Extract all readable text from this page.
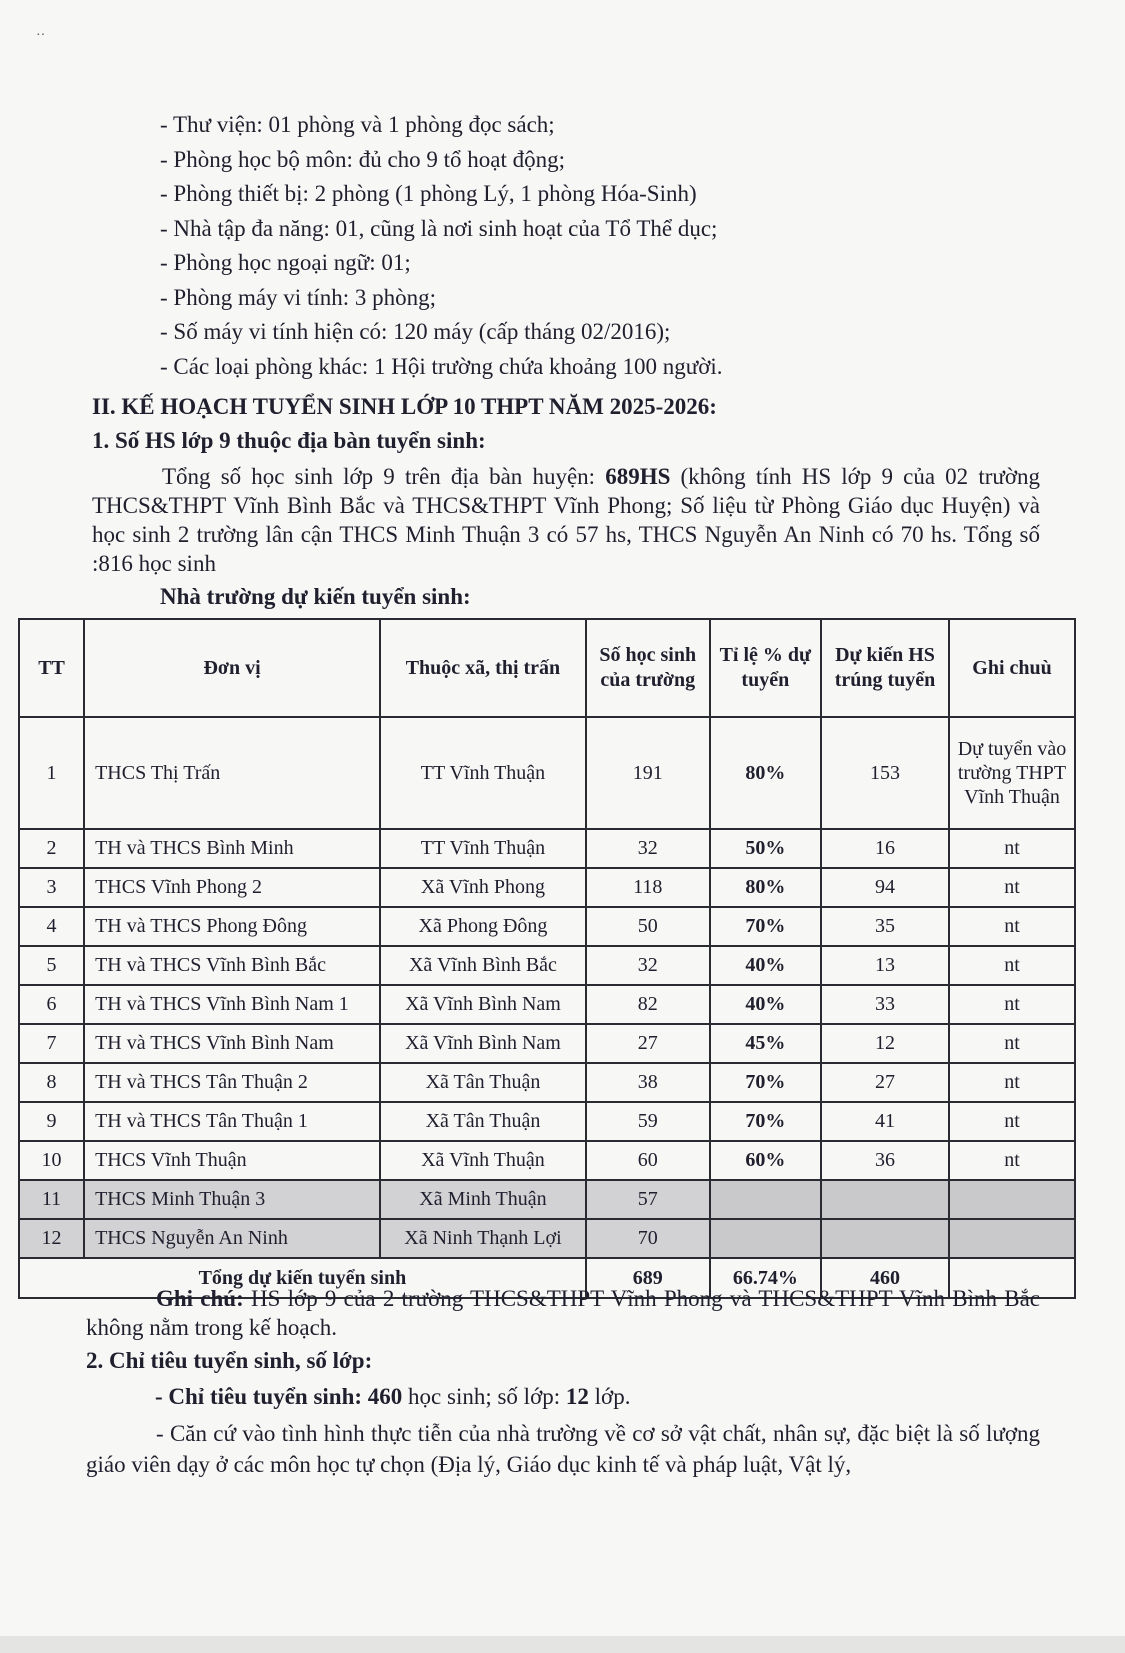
··
- Thư viện: 01 phòng và 1 phòng đọc sách;
- Phòng học bộ môn: đủ cho 9 tổ hoạt động;
- Phòng thiết bị: 2 phòng (1 phòng Lý, 1 phòng Hóa-Sinh)
- Nhà tập đa năng: 01, cũng là nơi sinh hoạt của Tổ Thể dục;
- Phòng học ngoại ngữ: 01;
- Phòng máy vi tính: 3 phòng;
- Số máy vi tính hiện có: 120 máy (cấp tháng 02/2016);
- Các loại phòng khác: 1 Hội trường chứa khoảng 100 người.
II. KẾ HOẠCH TUYỂN SINH LỚP 10 THPT NĂM 2025-2026:
1. Số HS lớp 9 thuộc địa bàn tuyển sinh:
Tổng số học sinh lớp 9 trên địa bàn huyện: 689HS (không tính HS lớp 9 của 02 trường THCS&THPT Vĩnh Bình Bắc và THCS&THPT Vĩnh Phong; Số liệu từ Phòng Giáo dục Huyện) và học sinh 2 trường lân cận THCS Minh Thuận 3 có 57 hs, THCS Nguyễn An Ninh có 70 hs. Tổng số :816 học sinh
Nhà trường dự kiến tuyển sinh:
TT	Đơn vị	Thuộc xã, thị trấn	Số học sinh của trường	Tỉ lệ % dự tuyển	Dự kiến HS trúng tuyển	Ghi chuù
1	THCS Thị Trấn	TT Vĩnh Thuận	191	80%	153	Dự tuyển vào trường THPT Vĩnh Thuận
2	TH và THCS Bình Minh	TT Vĩnh Thuận	32	50%	16	nt
3	THCS Vĩnh Phong 2	Xã Vĩnh Phong	118	80%	94	nt
4	TH và THCS Phong Đông	Xã Phong Đông	50	70%	35	nt
5	TH và THCS Vĩnh Bình Bắc	Xã Vĩnh Bình Bắc	32	40%	13	nt
6	TH và THCS Vĩnh Bình Nam 1	Xã Vĩnh Bình Nam	82	40%	33	nt
7	TH và THCS Vĩnh Bình Nam	Xã Vĩnh Bình Nam	27	45%	12	nt
8	TH và THCS Tân Thuận 2	Xã Tân Thuận	38	70%	27	nt
9	TH và THCS Tân Thuận 1	Xã Tân Thuận	59	70%	41	nt
10	THCS Vĩnh Thuận	Xã Vĩnh Thuận	60	60%	36	nt
11	THCS Minh Thuận 3	Xã Minh Thuận	57			
12	THCS Nguyễn An Ninh	Xã Ninh Thạnh Lợi	70			
Tổng dự kiến tuyển sinh			689	66.74%	460	
Ghi chú: HS lớp 9 của 2 trường THCS&THPT Vĩnh Phong và THCS&THPT Vĩnh Bình Bắc không nằm trong kế hoạch.
2. Chỉ tiêu tuyển sinh, số lớp:
- Chỉ tiêu tuyển sinh: 460 học sinh; số lớp: 12 lớp.
- Căn cứ vào tình hình thực tiễn của nhà trường về cơ sở vật chất, nhân sự, đặc biệt là số lượng giáo viên dạy ở các môn học tự chọn (Địa lý, Giáo dục kinh tế và pháp luật, Vật lý,
